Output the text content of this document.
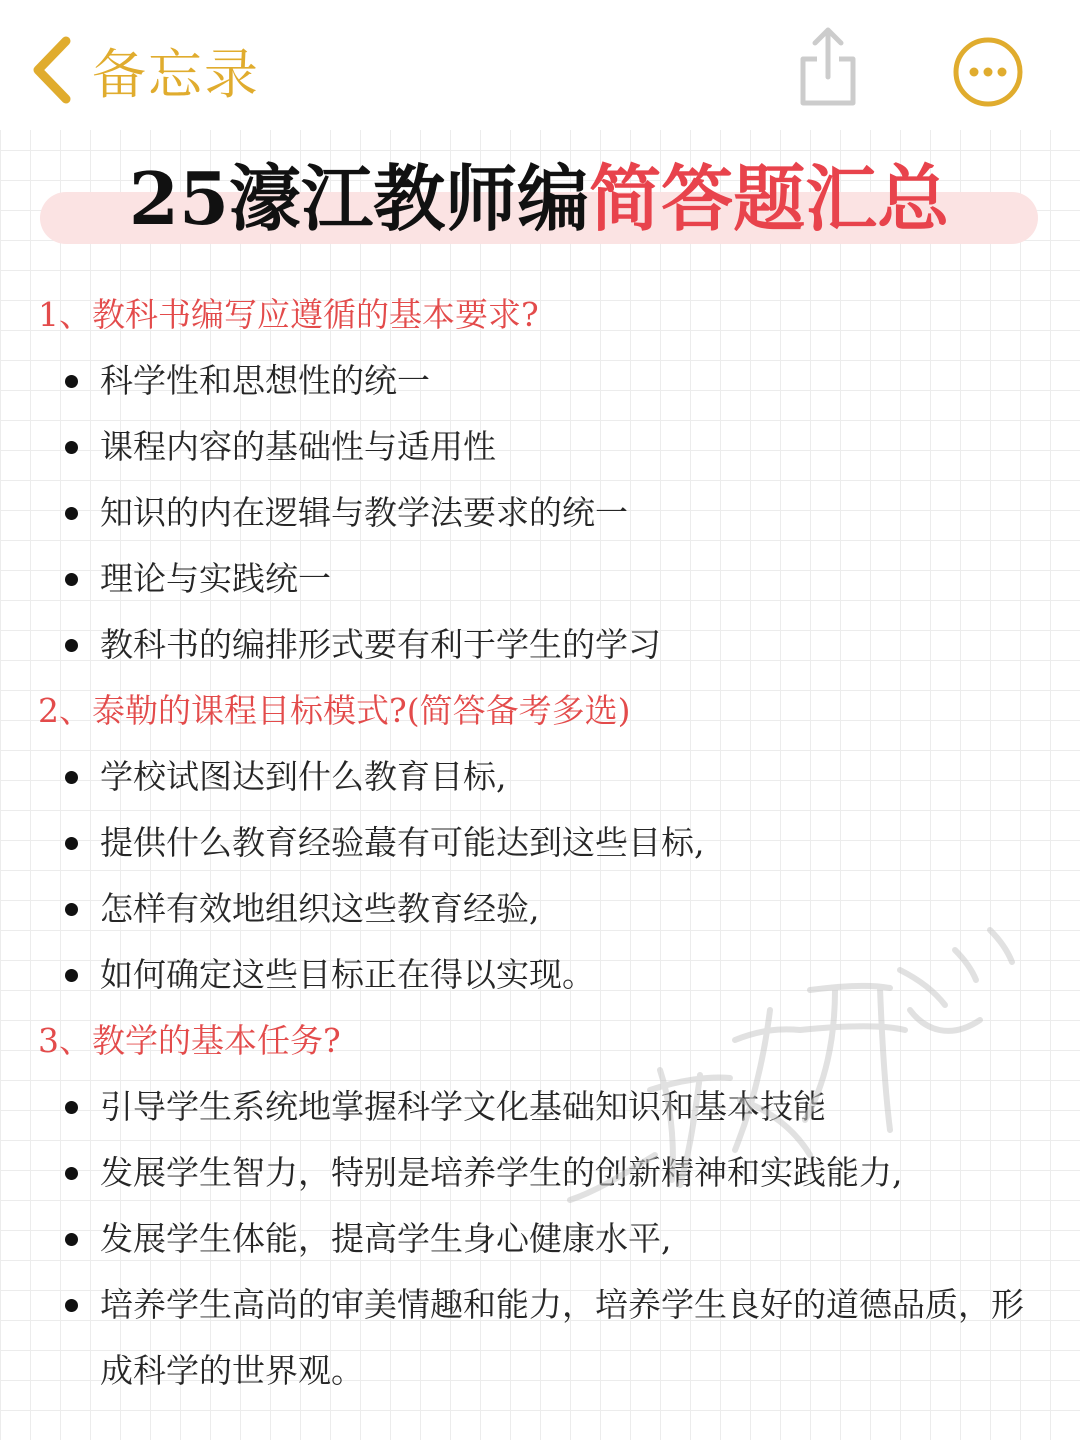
备忘录
25濠江教师编简答题汇总
1、教科书编写应遵循的基本要求?
科学性和思想性的统一
课程内容的基础性与适用性
知识的内在逻辑与教学法要求的统一
理论与实践统一
教科书的编排形式要有利于学生的学习
2、泰勒的课程目标模式?(简答备考多选)
学校试图达到什么教育目标,
提供什么教育经验蕞有可能达到这些目标,
怎样有效地组织这些教育经验,
如何确定这些目标正在得以实现。
3、教学的基本任务?
引导学生系统地掌握科学文化基础知识和基本技能
发展学生智力，特别是培养学生的创新精神和实践能力,
发展学生体能，提高学生身心健康水平,
培养学生高尚的审美情趣和能力，培养学生良好的道德品质，形成科学的世界观。
